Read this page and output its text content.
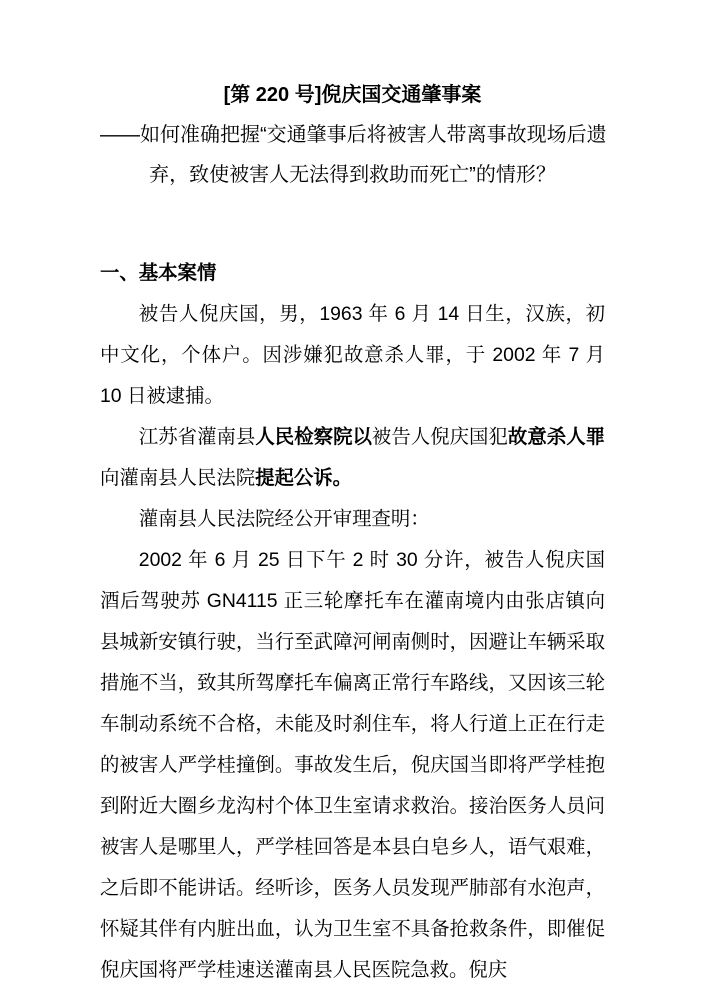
[第 220 号]倪庆国交通肇事案
——如何准确把握“交通肇事后将被害人带离事故现场后遗
弃，致使被害人无法得到救助而死亡”的情形？
一、基本案情
被告人倪庆国，男，1963 年 6 月 14 日生，汉族，初中文化，个体户。因涉嫌犯故意杀人罪，于 2002 年 7 月 10 日被逮捕。
江苏省灌南县人民检察院以被告人倪庆国犯故意杀人罪向灌南县人民法院提起公诉。
灌南县人民法院经公开审理查明：
2002 年 6 月 25 日下午 2 时 30 分许，被告人倪庆国酒后驾驶苏 GN4115 正三轮摩托车在灌南境内由张店镇向县城新安镇行驶，当行至武障河闸南侧时，因避让车辆采取措施不当，致其所驾摩托车偏离正常行车路线，又因该三轮车制动系统不合格，未能及时刹住车，将人行道上正在行走的被害人严学桂撞倒。事故发生后，倪庆国当即将严学桂抱到附近大圈乡龙沟村个体卫生室请求救治。接治医务人员问被害人是哪里人，严学桂回答是本县白皂乡人，语气艰难，之后即不能讲话。经听诊，医务人员发现严肺部有水泡声，怀疑其伴有内脏出血，认为卫生室不具备抢救条件，即催促倪庆国将严学桂速送灌南县人民医院急救。倪庆
